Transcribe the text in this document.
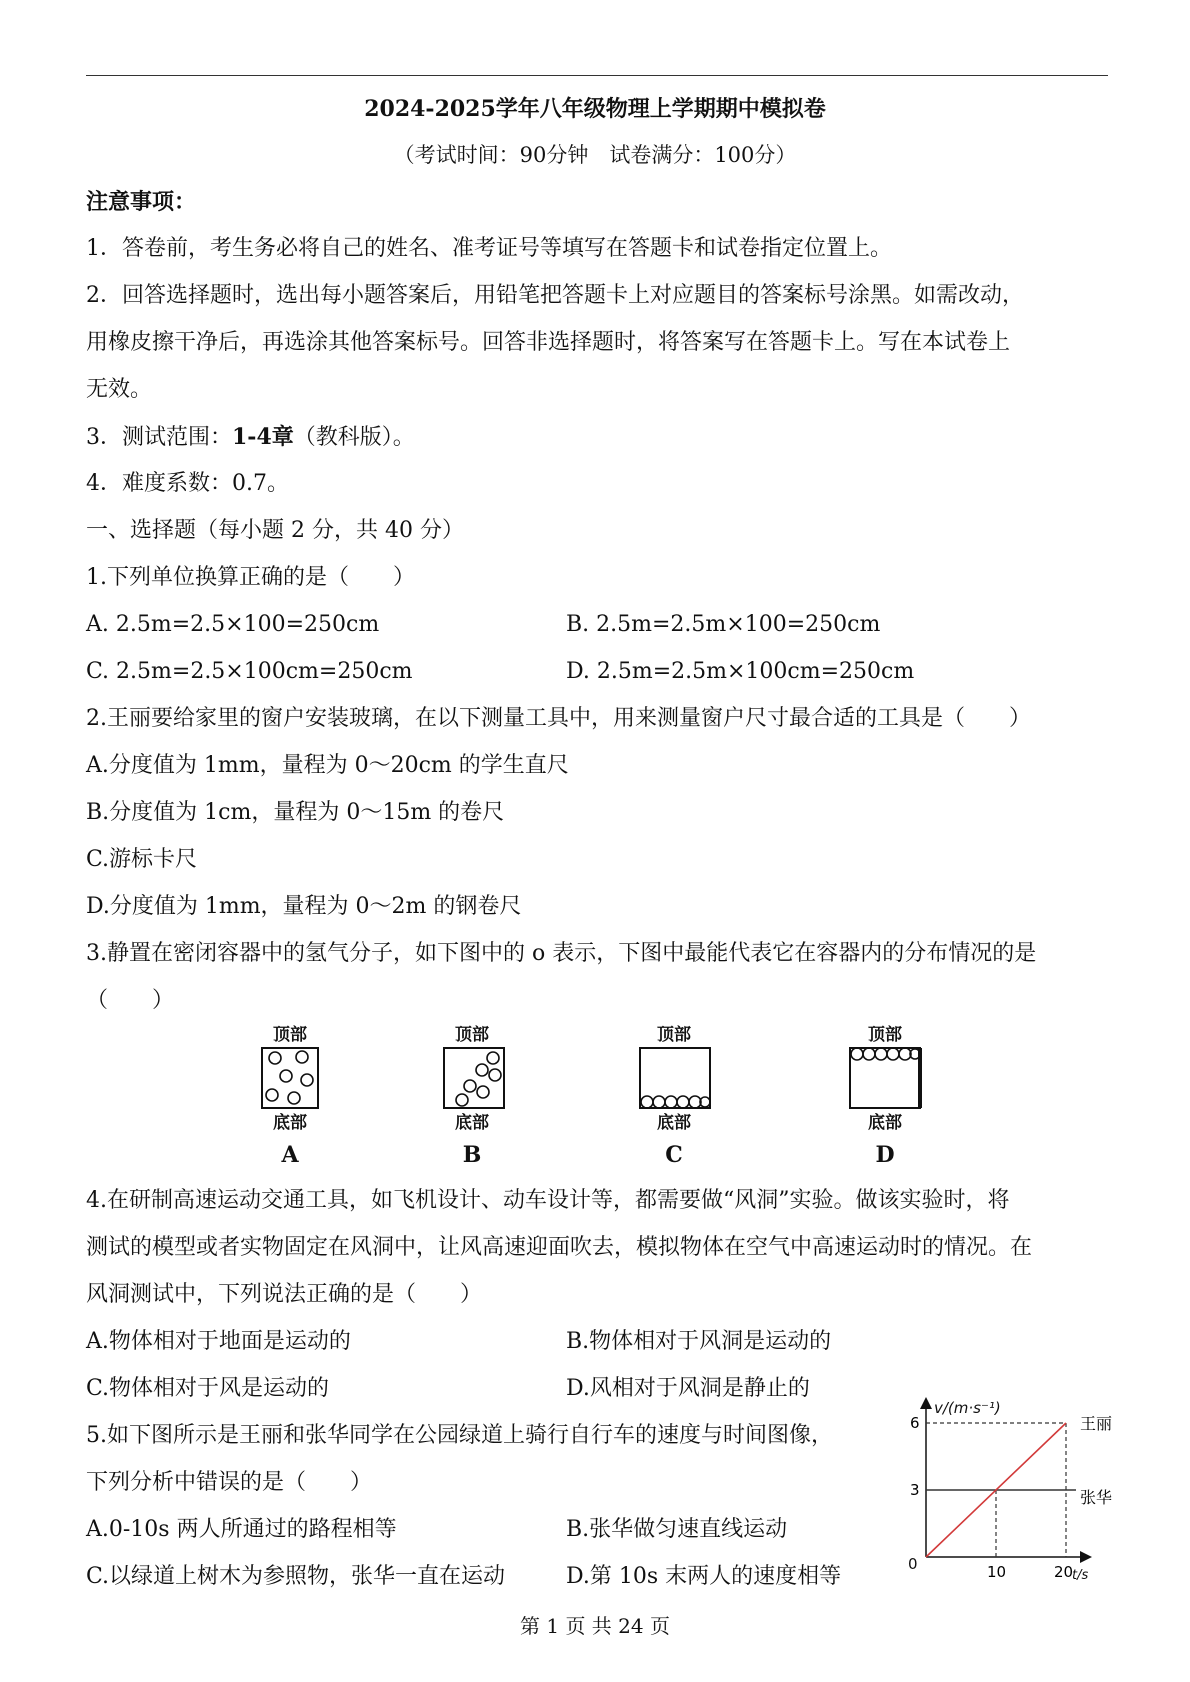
2024-2025学年八年级物理上学期期中模拟卷
（考试时间：90分钟　试卷满分：100分）
注意事项：
1．答卷前，考生务必将自己的姓名、准考证号等填写在答题卡和试卷指定位置上。
2．回答选择题时，选出每小题答案后，用铅笔把答题卡上对应题目的答案标号涂黑。如需改动，
用橡皮擦干净后，再选涂其他答案标号。回答非选择题时，将答案写在答题卡上。写在本试卷上
无效。
3．测试范围：1-4章（教科版）。
4．难度系数：0.7。
一、选择题（每小题 2 分，共 40 分）
1.下列单位换算正确的是（　　）
A. 2.5m=2.5×100=250cm	B. 2.5m=2.5m×100=250cm
C. 2.5m=2.5×100cm=250cm	D. 2.5m=2.5m×100cm=250cm
2.王丽要给家里的窗户安装玻璃，在以下测量工具中，用来测量窗户尺寸最合适的工具是（　　）
A.分度值为 1mm，量程为 0～20cm 的学生直尺
B.分度值为 1cm，量程为 0～15m 的卷尺
C.游标卡尺
D.分度值为 1mm，量程为 0～2m 的钢卷尺
3.静置在密闭容器中的氢气分子，如下图中的 o 表示，下图中最能代表它在容器内的分布情况的是
（　　）
顶部
底部
A
顶部
底部
B
顶部
底部
C
顶部
底部
D
4.在研制高速运动交通工具，如飞机设计、动车设计等，都需要做“风洞”实验。做该实验时，将
测试的模型或者实物固定在风洞中，让风高速迎面吹去，模拟物体在空气中高速运动时的情况。在
风洞测试中，下列说法正确的是（　　）
A.物体相对于地面是运动的	B.物体相对于风洞是运动的
C.物体相对于风是运动的	D.风相对于风洞是静止的
5.如下图所示是王丽和张华同学在公园绿道上骑行自行车的速度与时间图像，
下列分析中错误的是（　　）
A.0-10s 两人所通过的路程相等	B.张华做匀速直线运动
C.以绿道上树木为参照物，张华一直在运动	D.第 10s 末两人的速度相等
6
3
10	20
王丽
张华
v/(m·s⁻¹)
t/s
0
第 1 页 共 24 页
